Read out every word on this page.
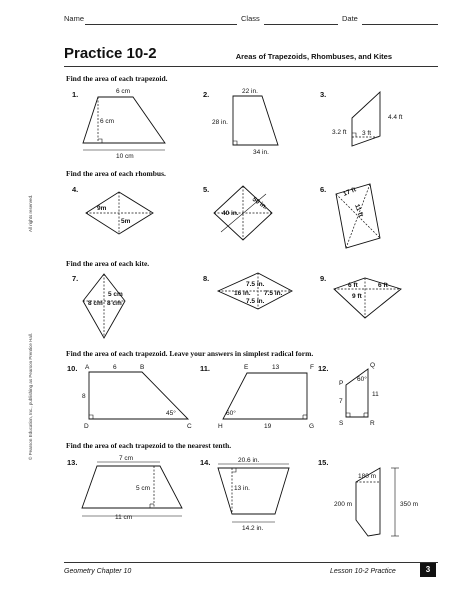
Name	Class	Date
Practice 10-2	Areas of Trapezoids, Rhombuses, and Kites
All rights reserved.
© Pearson Education, Inc., publishing as Pearson Prentice Hall.
Find the area of each trapezoid.
Find the area of each rhombus.
Find the area of each kite.
Find the area of each trapezoid. Leave your answers in simplest radical form.
Find the area of each trapezoid to the nearest tenth.
1.	2.	3.
4.	5.	6.
7.	8.	9.
10.	11.	12.
13.	14.	15.
6 cm
6 cm
10 cm
22 in.
28 in.
34 in.
4.4 ft
3.2 ft 3 ft
9m
5m
50 in.
40 in.
17 ft
11 ft
8 cm 8 cm
5 cm
7.5 in.
16 in. 7.5 in.
7.5 in.
6 ft	6 ft
9 ft
A	B
C
D
6
8
45°
E	F
G
H
13
19
60°
P
Q
R
S
7
11
60°
7 cm
5 cm
11 cm
20.6 in.
13 in.
14.2 in.
180 m
200 m	350 m
Geometry Chapter 10	Lesson 10-2 Practice	3
